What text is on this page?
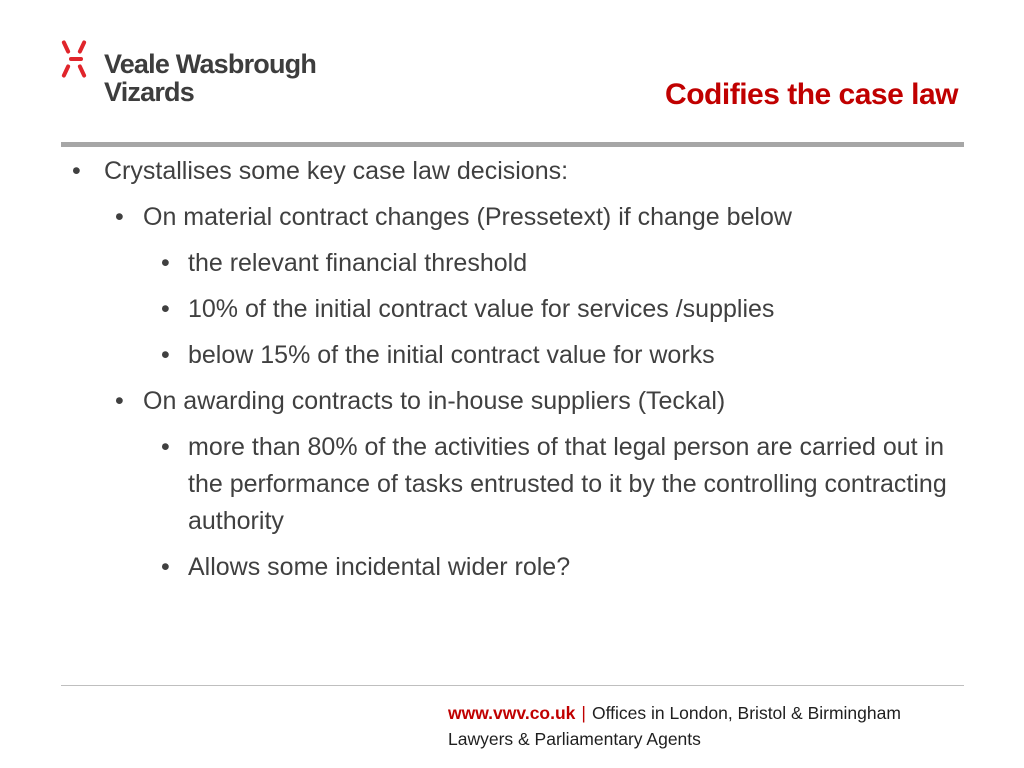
Veale Wasbrough
Vizards	Codifies the case law
• Crystallises some key case law decisions:
• On material contract changes (Pressetext) if change below
• the relevant financial threshold
• 10% of the initial contract value for services /supplies
• below 15% of the initial contract value for works
• On awarding contracts to in-house suppliers (Teckal)
• more than 80% of the activities of that legal person are carried out in the performance of tasks entrusted to it by the controlling contracting authority
• Allows some incidental wider role?
www.vwv.co.uk | Offices in London, Bristol & Birmingham
Lawyers & Parliamentary Agents
